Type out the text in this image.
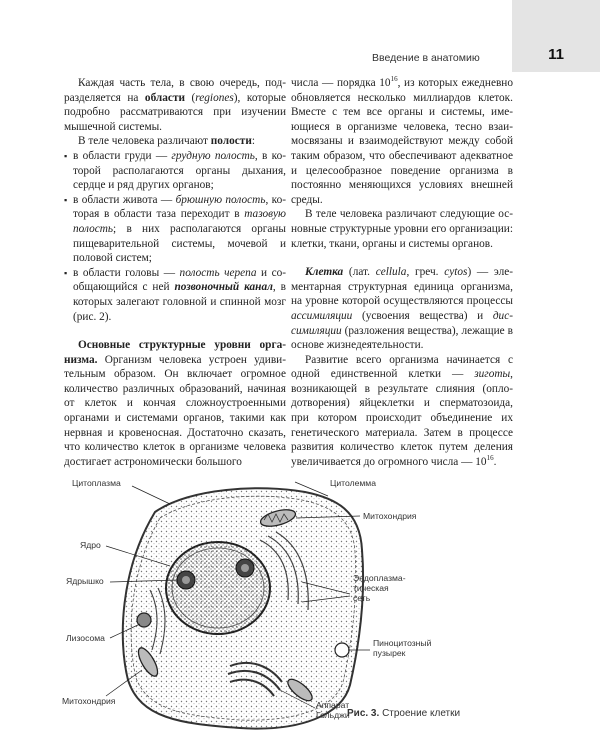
Введение в анатомию	11

Каждая часть тела, в свою очередь, подразделяется на области (regiones), которые подробно рассматриваются при изучении мышечной системы.

В теле человека различают полости:

▪ в области груди — грудную полость, в которой располагаются органы дыхания, сердце и ряд других органов;

▪ в области живота — брюшную полость, которая в области таза переходит в тазовую полость; в них располагаются органы пищеварительной системы, мочевой и половой систем;

▪ в области головы — полость черепа и сообщающийся с ней позвоночный канал, в которых залегают головной и спинной мозг (рис. 2).

Основные структурные уровни организма. Организм человека устроен удивительным образом. Он включает огромное количество различных образований, начиная от клеток и кончая сложноустроенными органами и системами органов, такими как нервная и кровеносная. Достаточно сказать, что количество клеток в организме человека достигает астрономически большого

числа — порядка $10^{16}$, из которых ежедневно обновляется несколько миллиардов клеток. Вместе с тем все органы и системы, имеющиеся в организме человека, тесно взаимосвязаны и взаимодействуют между собой таким образом, что обеспечивают адекватное и целесообразное поведение организма в постоянно меняющихся условиях внешней среды.

В теле человека различают следующие основные структурные уровни его организации: клетки, ткани, органы и системы органов.

Клетка (лат. cellula, греч. cytos) — элементарная структурная единица организма, на уровне которой осуществляются процессы ассимиляции (усвоения вещества) и диссимиляции (разложения вещества), лежащие в основе жизнедеятельности.

Развитие всего организма начинается с одной единственной клетки — зиготы, возникающей в результате слияния (оплодотворения) яйцеклетки и сперматозоида, при котором происходит объединение их генетического материала. Затем в процессе развития количество клеток путем деления увеличивается до огромного числа — $10^{16}$.

Цитоплазма	Цитолемма
Митохондрия
Ядро
Ядрышко	Эндоплазма-
тическая
сеть
Лизосома	Пиноцитозный
пузырек
Митохондрия	Аппарат
Гольджи
Рис. 3. Строение клетки
